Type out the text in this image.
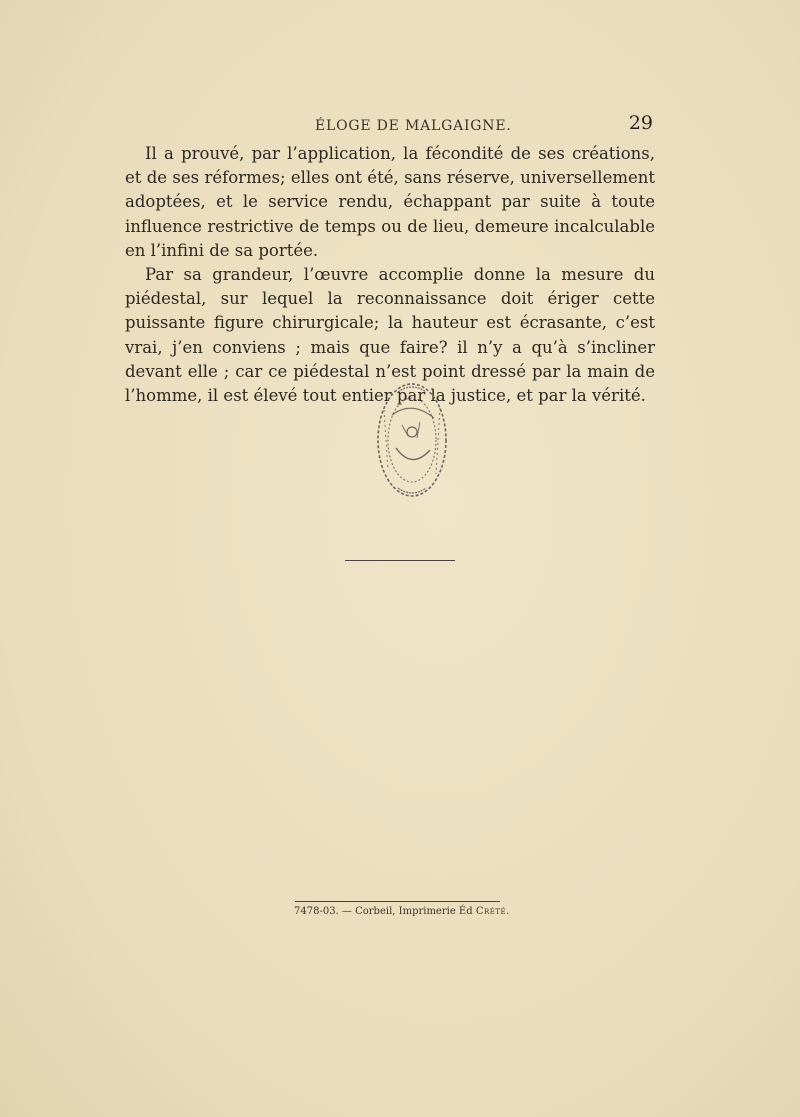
ÉLOGE DE MALGAIGNE.	29

Il a prouvé, par l’application, la fécondité de ses créations, et de ses réformes; elles ont été, sans réserve, universellement adoptées, et le service rendu, échappant par suite à toute influence restrictive de temps ou de lieu, demeure incalculable en l’infini de sa portée.

Par sa grandeur, l’œuvre accomplie donne la mesure du piédestal, sur lequel la reconnaissance doit ériger cette puissante figure chirurgicale; la hauteur est écrasante, c’est vrai, j’en conviens ; mais que faire? il n’y a qu’à s’incliner devant elle ; car ce piédestal n’est point dressé par la main de l’homme, il est élevé tout entier par la justice, et par la vérité.

7478-03. — Corbeil, Imprimerie Éd Crété.
